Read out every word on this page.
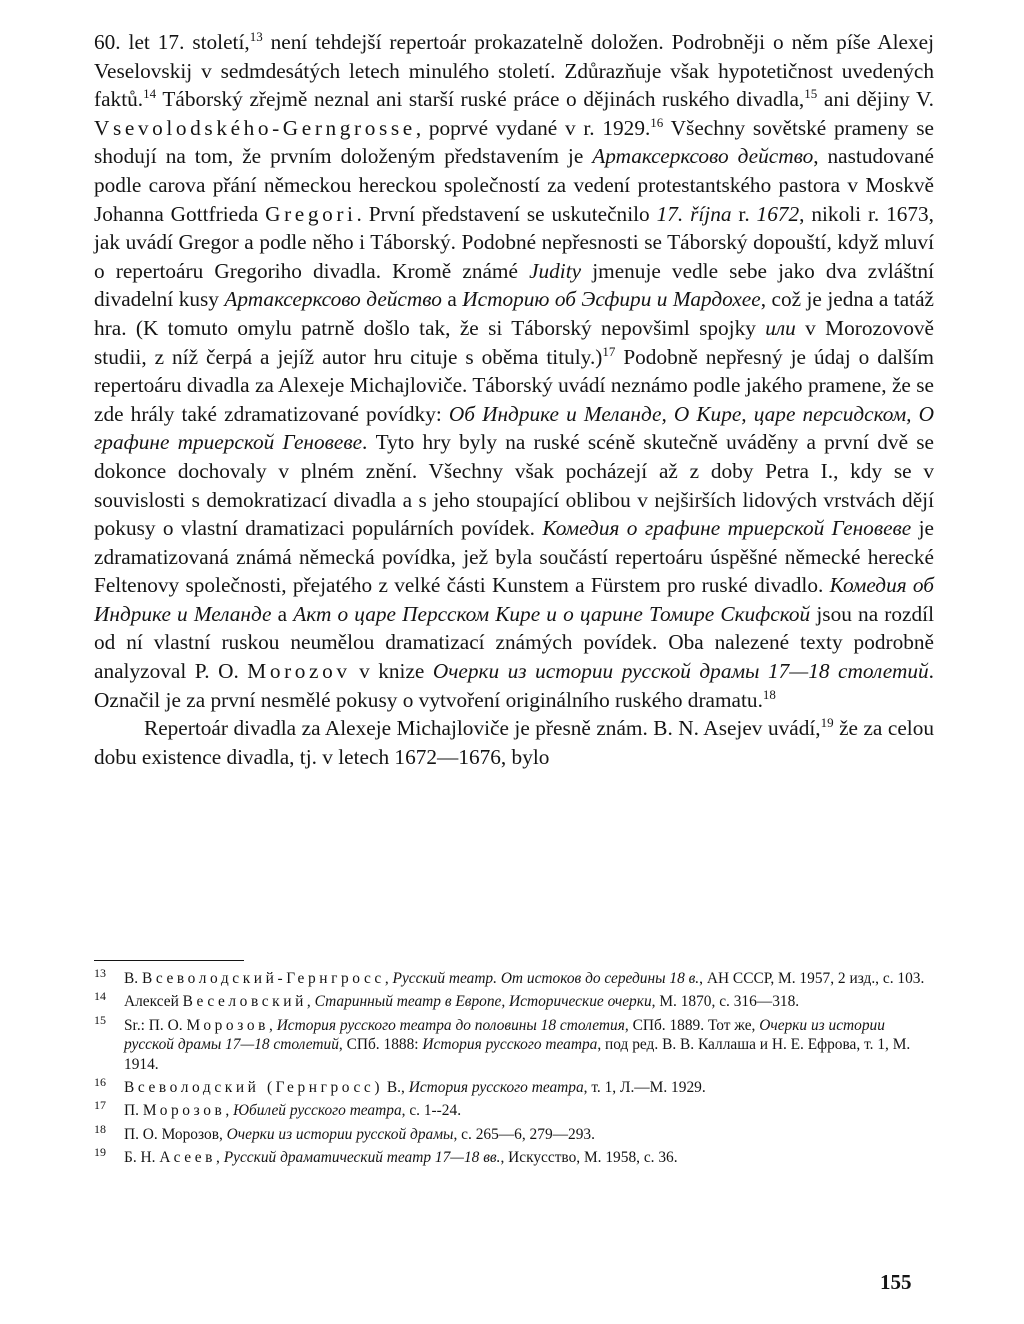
60. let 17. století,$^{13}$ není tehdejší repertoár prokazatelně doložen. Podrobněji o něm píše Alexej Veselovskij v sedmdesátých letech minulého století. Zdůrazňuje však hypotetičnost uvedených faktů.$^{14}$ Táborský zřejmě neznal ani starší ruské práce o dějinách ruského divadla,$^{15}$ ani dějiny V. Vsevolodského-Gerngrosse, poprvé vydané v r. 1929.16 Všechny sovětské prameny se shodují na tom, že prvním doloženým představením je Артаксерксово действо, nastudované podle carova přání německou hereckou společností za vedení protestantského pastora v Moskvě Johanna Gottfrieda Gregori. První představení se uskutečnilo 17. října r. 1672, nikoli r. 1673, jak uvádí Gregor a podle něho i Táborský. Podobné nepřesnosti se Táborský dopouští, když mluví o repertoáru Gregoriho divadla. Kromě známé Judity jmenuje vedle sebe jako dva zvláštní divadelní kusy Артаксерксово действо a Историю об Эсфири и Мардохее, což je jedna a tatáž hra. (K tomuto omylu patrně došlo tak, že si Táborský nepovšiml spojky или v Morozovově studii, z níž čerpá a jejíž autor hru cituje s oběma tituly.)$^{17}$ Podobně nepřesný je údaj o dalším repertoáru divadla za Alexeje Michajloviče. Táborský uvádí neznámo podle jakého pramene, že se zde hrály také zdramatizované povídky: Об Индрике и Меланде, О Кире, царе персидском, О графине триерской Геновеве. Tyto hry byly na ruské scéně skutečně uváděny a první dvě se dokonce dochovaly v plném znění. Všechny však pocházejí až z doby Petra I., kdy se v souvislosti s demokratizací divadla a s jeho stoupající oblibou v nejširších lidových vrstvách dějí pokusy o vlastní dramatizaci populárních povídek. Комедия о графине триерской Геновеве je zdramatizovaná známá německá povídka, jež byla součástí repertoáru úspěšné německé herecké Feltenovy společnosti, přejatého z velké části Kunstem a Fürstem pro ruské divadlo. Комедия об Индрике и Меланде a Акт о царе Персском Кире и о царине Томире Скифской jsou na rozdíl od ní vlastní ruskou neumělou dramatizací známých povídek. Oba nalezené texty podrobně analyzoval P. O. Morozov v knize Очерки из истории русской драмы 17—18 столетий. Označil je za první nesmělé pokusy o vytvoření originálního ruského dramatu.$^{18}$

Repertoár divadla za Alexeje Michajloviče je přesně znám. B. N. Asejev uvádí,$^{19}$ že za celou dobu existence divadla, tj. v letech 1672—1676, bylo

13 В. Всеволодский-Гернгросс, Русский театр. От истоков до середины 18 в., АН СССР, М. 1957, 2 изд., с. 103.
14 Алексей Веселовский, Старинный театр в Европе, Исторические очерки, М. 1870, с. 316—318.
15 Sr.: П. О. Морозов, История русского театра до половины 18 столетия, СПб. 1889. Тот же, Очерки из истории русской драмы 17—18 столетий, СПб. 1888: История русского театра, под ред. В. В. Каллаша и Н. Е. Ефрова, т. 1, М. 1914.
16 Всеволодский (Гернгросс) В., История русского театра, т. 1, Л.—М. 1929.
17 П. Морозов, Юбилей русского театра, с. 1--24.
18 П. О. Морозов, Очерки из истории русской драмы, с. 265—6, 279—293.
19 Б. Н. Асеев, Русский драматический театр 17—18 вв., Искусство, М. 1958, с. 36.
155
